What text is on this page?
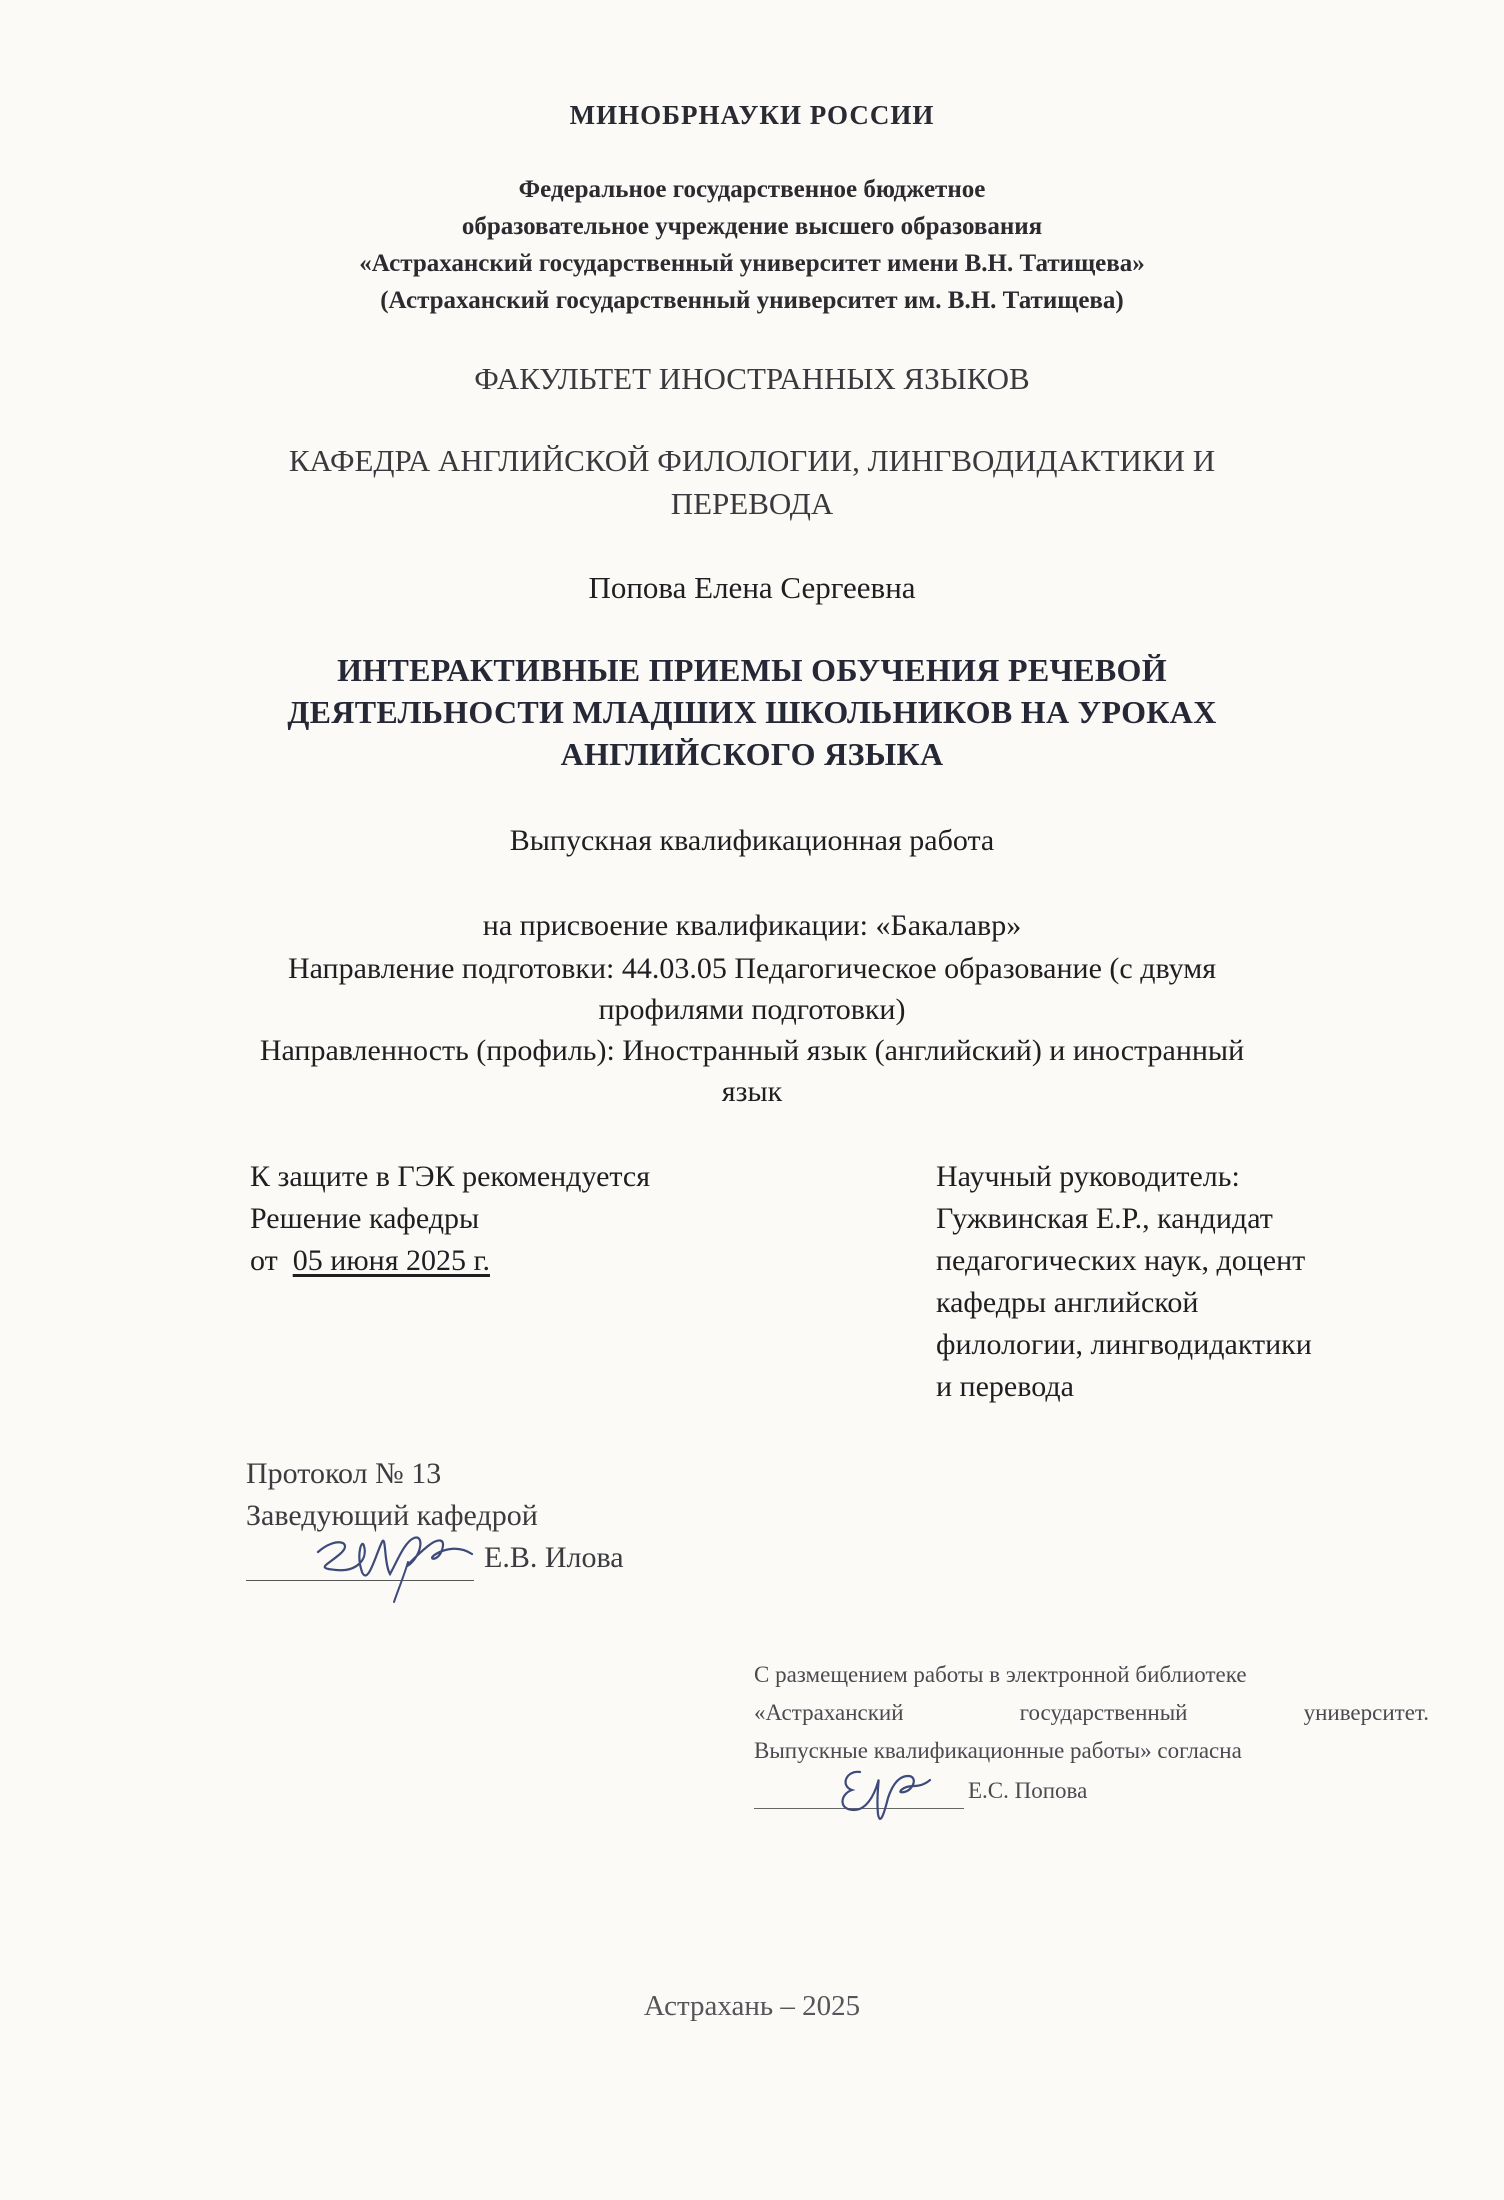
МИНОБРНАУКИ РОССИИ
Федеральное государственное бюджетное
образовательное учреждение высшего образования
«Астраханский государственный университет имени В.Н. Татищева»
(Астраханский государственный университет им. В.Н. Татищева)
ФАКУЛЬТЕТ ИНОСТРАННЫХ ЯЗЫКОВ
КАФЕДРА АНГЛИЙСКОЙ ФИЛОЛОГИИ, ЛИНГВОДИДАКТИКИ И
ПЕРЕВОДА
Попова Елена Сергеевна
ИНТЕРАКТИВНЫЕ ПРИЕМЫ ОБУЧЕНИЯ РЕЧЕВОЙ
ДЕЯТЕЛЬНОСТИ МЛАДШИХ ШКОЛЬНИКОВ НА УРОКАХ
АНГЛИЙСКОГО ЯЗЫКА
Выпускная квалификационная работа
на присвоение квалификации: «Бакалавр»
Направление подготовки: 44.03.05 Педагогическое образование (с двумя
профилями подготовки)
Направленность (профиль): Иностранный язык (английский) и иностранный
язык
К защите в ГЭК рекомендуется
Решение кафедры
от 05 июня 2025 г.
Научный руководитель:
Гужвинская Е.Р., кандидат
педагогических наук, доцент
кафедры английской
филологии, лингводидактики
и перевода
Протокол № 13
Заведующий кафедрой
Е.В. Илова
С размещением работы в электронной библиотеке
«Астраханский	государственный	университет.
Выпускные квалификационные работы» согласна
Е.С. Попова
Астрахань – 2025
